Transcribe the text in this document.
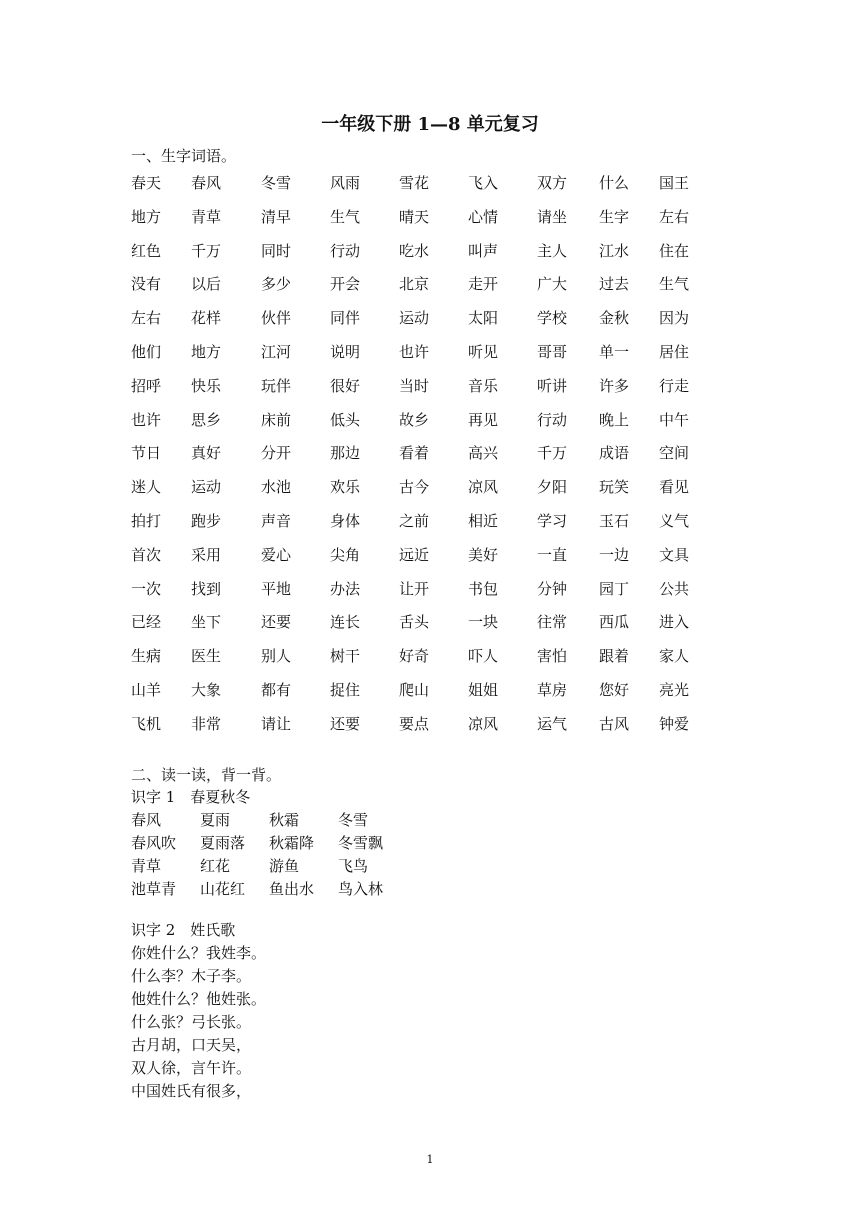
一年级下册 1—8 单元复习
一、生字词语。
春天 春风	冬雪	风雨	雪花	飞入	双方 什么 国王
地方 青草	清早	生气	晴天	心情	请坐 生字 左右
红色 千万	同时	行动	吃水	叫声	主人 江水 住在
没有 以后	多少	开会	北京	走开	广大 过去 生气
左右 花样	伙伴	同伴	运动	太阳	学校 金秋 因为
他们 地方	江河	说明	也许	听见	哥哥 单一 居住
招呼 快乐	玩伴	很好	当时	音乐	听讲 许多 行走
也许 思乡	床前	低头	故乡	再见	行动 晚上 中午
节日 真好	分开	那边	看着	高兴	千万 成语 空间
迷人 运动	水池	欢乐	古今	凉风	夕阳 玩笑 看见
拍打 跑步	声音	身体	之前	相近	学习 玉石 义气
首次 采用	爱心	尖角	远近	美好	一直 一边 文具
一次 找到	平地	办法	让开	书包	分钟 园丁 公共
已经 坐下	还要	连长	舌头	一块	往常 西瓜 进入
生病 医生	别人	树干	好奇	吓人	害怕 跟着 家人
山羊 大象	都有	捉住	爬山	姐姐	草房 您好 亮光
飞机 非常	请让	还要	要点	凉风	运气 古风 钟爱
二、读一读，背一背。
识字 1　春夏秋冬
春风	夏雨	秋霜	冬雪
春风吹 夏雨落 秋霜降 冬雪飘
青草	红花	游鱼	飞鸟
池草青 山花红 鱼出水 鸟入林
识字 2　姓氏歌
你姓什么？我姓李。
什么李？木子李。
他姓什么？他姓张。
什么张？弓长张。
古月胡，口天吴，
双人徐，言午许。
中国姓氏有很多，
1
